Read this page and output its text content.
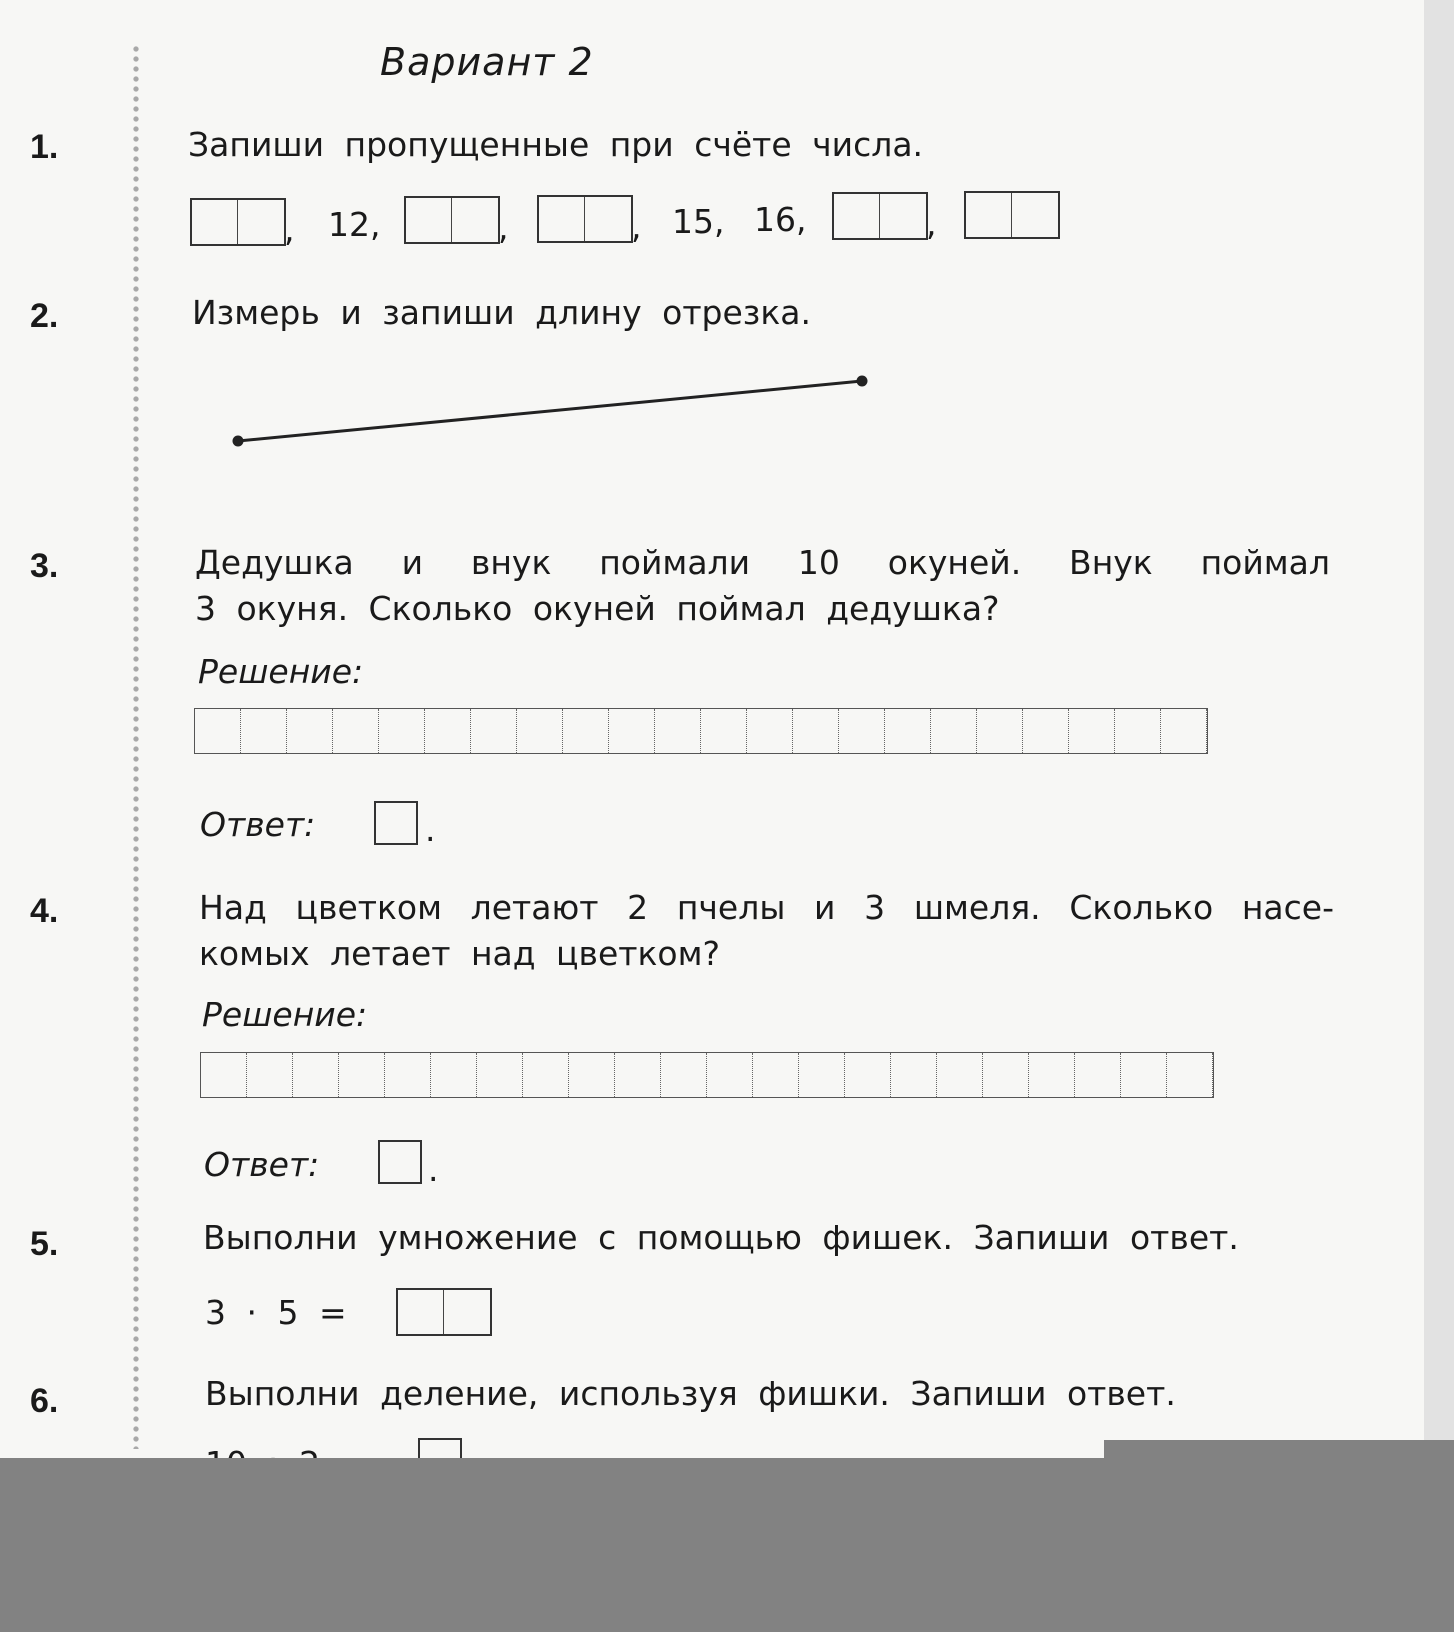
Вариант 2
1.	Запиши пропущенные при счёте числа.
, 12,	,	, 15, 16,	,
2.	Измерь и запиши длину отрезка.
3.	Дедушка и внук поймали 10 окуней. Внук поймал
3 окуня. Сколько окуней поймал дедушка?
Решение:
Ответ:	.
4.	Над цветком летают 2 пчелы и 3 шмеля. Сколько насе-
комых летает над цветком?
Решение:
Ответ:	.
5.	Выполни умножение с помощью фишек. Запиши ответ.
3 · 5 =
6.	Выполни деление, используя фишки. Запиши ответ.
